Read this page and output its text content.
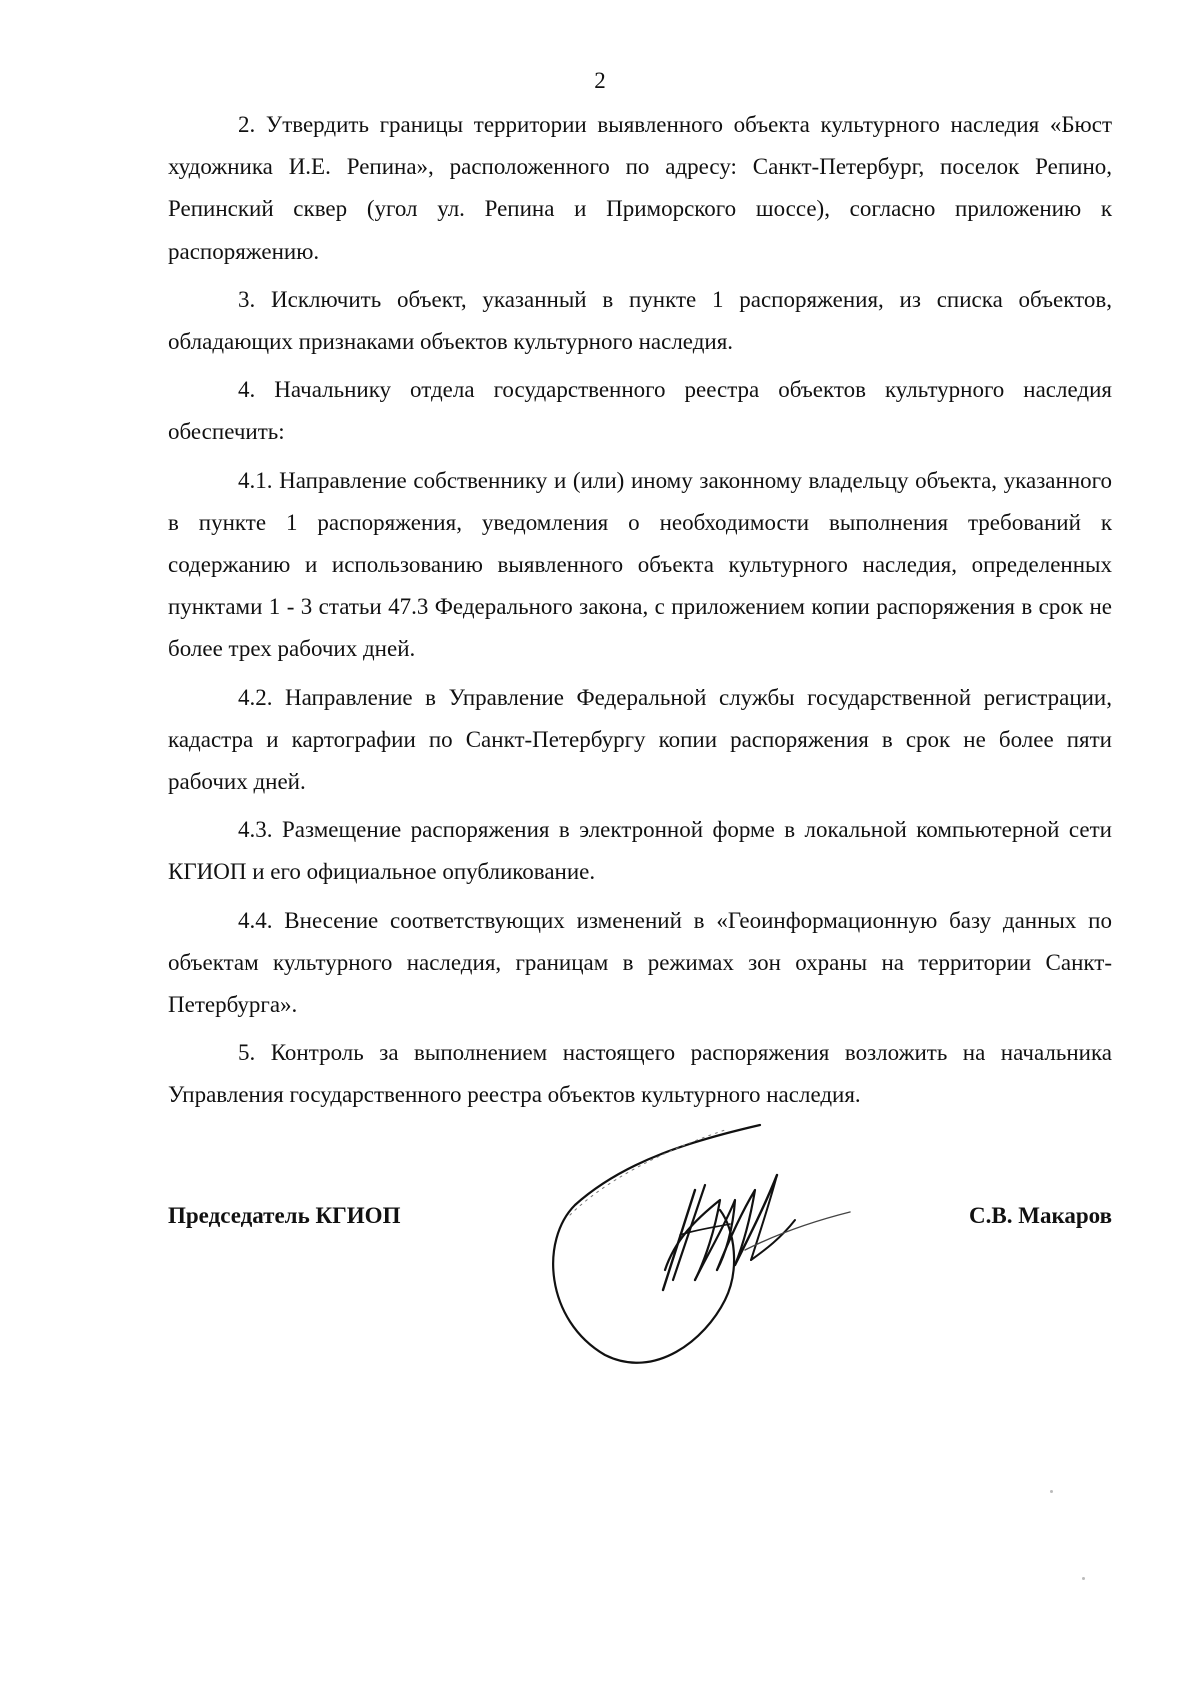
2

2. Утвердить границы территории выявленного объекта культурного наследия «Бюст художника И.Е. Репина», расположенного по адресу: Санкт-Петербург, поселок Репино, Репинский сквер (угол ул. Репина и Приморского шоссе), согласно приложению к распоряжению.

3. Исключить объект, указанный в пункте 1 распоряжения, из списка объектов, обладающих признаками объектов культурного наследия.

4. Начальнику отдела государственного реестра объектов культурного наследия обеспечить:

4.1. Направление собственнику и (или) иному законному владельцу объекта, указанного в пункте 1 распоряжения, уведомления о необходимости выполнения требований к содержанию и использованию выявленного объекта культурного наследия, определенных пунктами 1 - 3 статьи 47.3 Федерального закона, с приложением копии распоряжения в срок не более трех рабочих дней.

4.2. Направление в Управление Федеральной службы государственной регистрации, кадастра и картографии по Санкт-Петербургу копии распоряжения в срок не более пяти рабочих дней.

4.3. Размещение распоряжения в электронной форме в локальной компьютерной сети КГИОП и его официальное опубликование.

4.4. Внесение соответствующих изменений в «Геоинформационную базу данных по объектам культурного наследия, границам в режимах зон охраны на территории Санкт-Петербурга».

5. Контроль за выполнением настоящего распоряжения возложить на начальника Управления государственного реестра объектов культурного наследия.

Председатель КГИОП	С.В. Макаров
